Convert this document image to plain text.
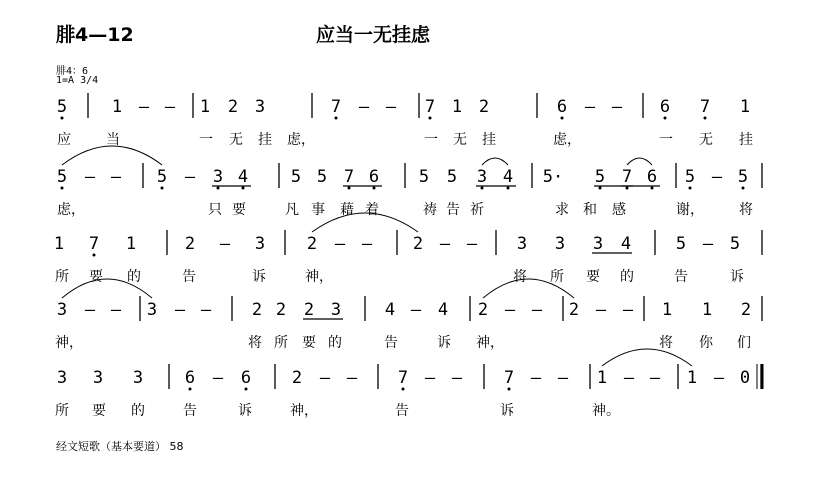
腓4—12	应当一无挂虑
腓4：6
1=A 3/4
5	1 – – 1 2 3	7 – – 7 1 2	6 – – 6 7 1
应	当	一 无 挂 虑，	一 无 挂	虑，	一 无 挂
5 – – 5 – 3 4	5 5 7 6 5 5 3 4 5· 5 7 6 5 – 5
虑，	只 要	凡 事 藉 着	祷 告 祈	求 和 感	谢，	将
1 7 1	2 – 3 2 – – 2 – – 3 3 3 4	5 – 5
所 要 的	告	诉	神，	将 所 要 的	告	诉
3 – – 3 – – 2 2 2 3	4 – 4 2 – – 2 – – 1 1 2
神，	将 所 要 的	告	诉 神，	将 你 们
3 3 3 6 – 6 2 – – 7 – – 7 – – 1 – – 1 – 0
所 要 的	告	诉	神，	告	诉	神。
经文短歌（基本要道） 58
